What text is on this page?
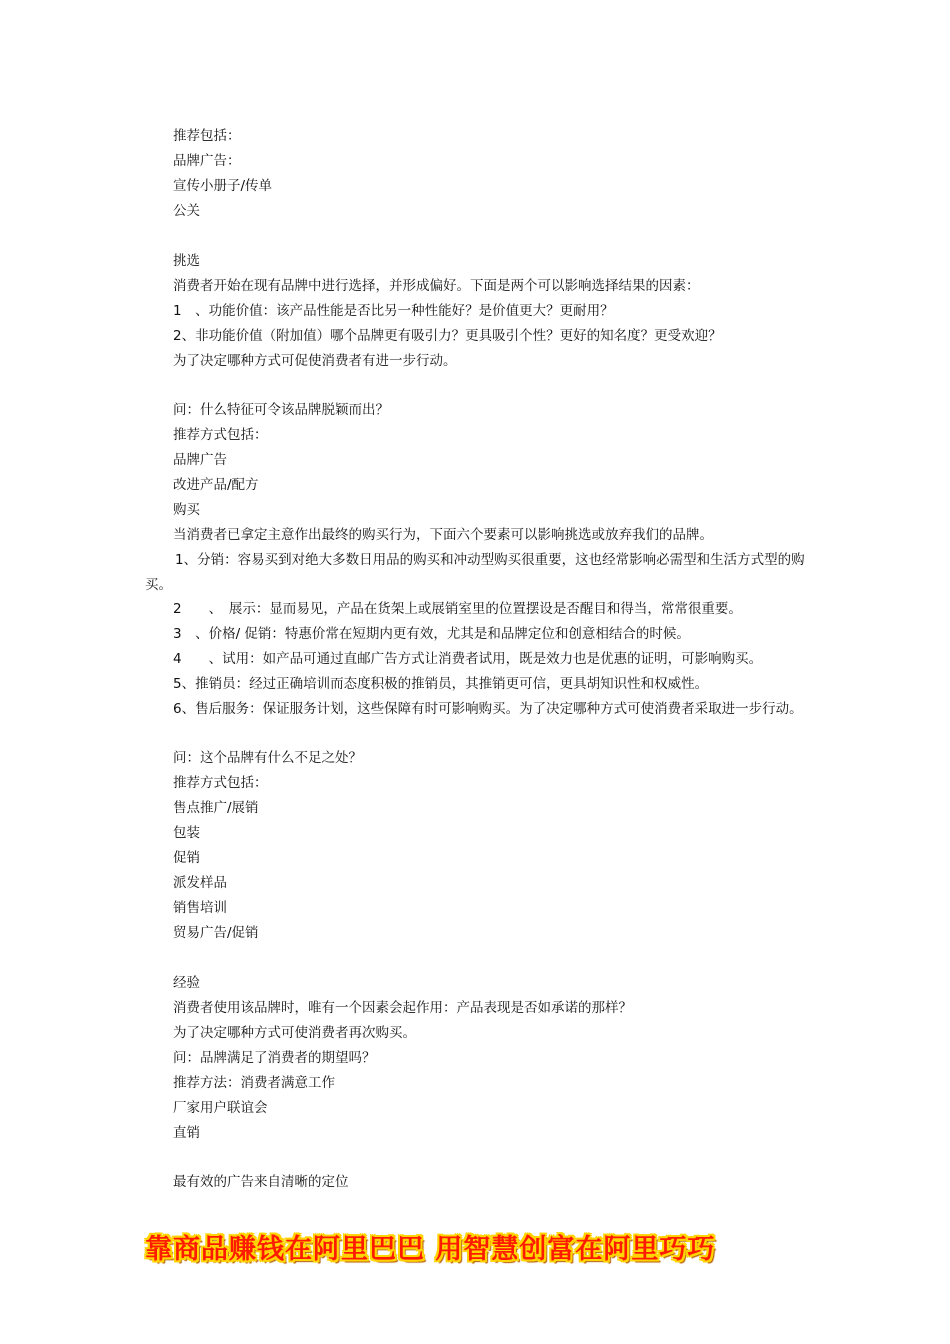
推荐包括：
品牌广告：
宣传小册子/传单
公关
挑选
消费者开始在现有品牌中进行选择，并形成偏好。下面是两个可以影响选择结果的因素：
1　、功能价值：该产品性能是否比另一种性能好？是价值更大？更耐用？
2、非功能价值（附加值）哪个品牌更有吸引力？更具吸引个性？更好的知名度？更受欢迎？
为了决定哪种方式可促使消费者有进一步行动。
问：什么特征可令该品牌脱颖而出？
推荐方式包括：
品牌广告
改进产品/配方
购买
当消费者已拿定主意作出最终的购买行为，下面六个要素可以影响挑选或放弃我们的品牌。
1、分销：容易买到对绝大多数日用品的购买和冲动型购买很重要，这也经常影响必需型和生活方式型的购买。
2　　、　展示：显而易见，产品在货架上或展销室里的位置摆设是否醒目和得当，常常很重要。
3　、价格/ 促销：特惠价常在短期内更有效，尤其是和品牌定位和创意相结合的时候。
4　　、试用：如产品可通过直邮广告方式让消费者试用，既是效力也是优惠的证明，可影响购买。
5、推销员：经过正确培训而态度积极的推销员，其推销更可信，更具胡知识性和权威性。
6、售后服务：保证服务计划，这些保障有时可影响购买。为了决定哪种方式可使消费者采取进一步行动。
问：这个品牌有什么不足之处？
推荐方式包括：
售点推广/展销
包装
促销
派发样品
销售培训
贸易广告/促销
经验
消费者使用该品牌时，唯有一个因素会起作用：产品表现是否如承诺的那样？
为了决定哪种方式可使消费者再次购买。
问：品牌满足了消费者的期望吗？
推荐方法：消费者满意工作
厂家用户联谊会
直销
最有效的广告来自清晰的定位
靠商品赚钱在阿里巴巴 用智慧创富在阿里巧巧
